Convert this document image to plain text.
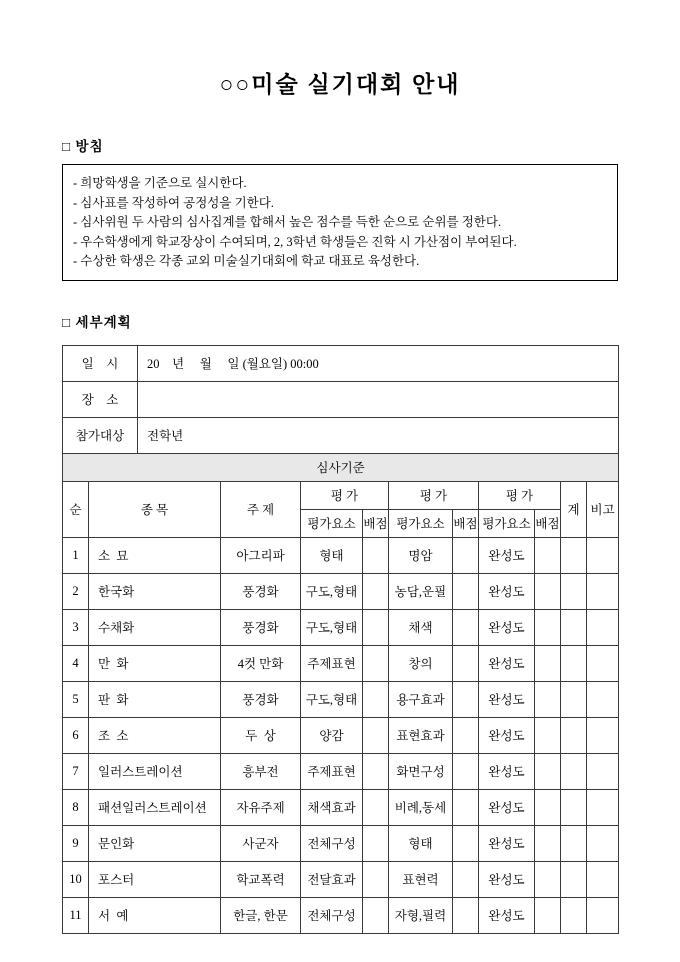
○○미술 실기대회 안내
□ 방침
- 희망학생을 기준으로 실시한다.
- 심사표를 작성하여 공정성을 기한다.
- 심사위원 두 사람의 심사집계를 합해서 높은 점수를 득한 순으로 순위를 정한다.
- 우수학생에게 학교장상이 수여되며, 2, 3학년 학생들은 진학 시 가산점이 부여된다.
- 수상한 학생은 각종 교외 미술실기대회에 학교 대표로 육성한다.
□ 세부계획
일    시	20    년     월     일 (월요일) 00:00
장    소	
참가대상	전학년
심사기준										
순	종 목	주 제	평 가		평 가		평 가		계	비고
			평가요소	배점	평가요소	배점	평가요소	배점		
1	소  묘	아그리파	형태		명암		완성도			
2	한국화	풍경화	구도,형태		농담,운필		완성도			
3	수채화	풍경화	구도,형태		채색		완성도			
4	만  화	4컷 만화	주제표현		창의		완성도			
5	판  화	풍경화	구도,형태		용구효과		완성도			
6	조  소	두  상	양감		표현효과		완성도			
7	일러스트레이션	흥부전	주제표현		화면구성		완성도			
8	패션일러스트레이션	자유주제	채색효과		비례,동세		완성도			
9	문인화	사군자	전체구성		형태		완성도			
10	포스터	학교폭력	전달효과		표현력		완성도			
11	서  예	한글, 한문	전체구성		자형,필력		완성도			
